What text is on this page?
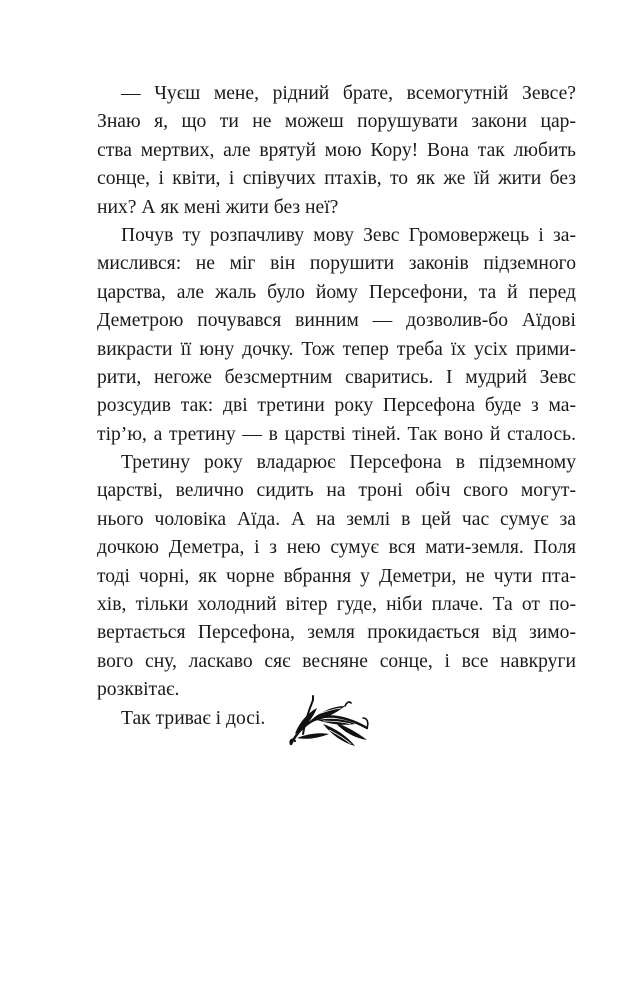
— Чуєш мене, рідний брате, всемогутній Зевсе?
Знаю я, що ти не можеш порушувати закони цар-
ства мертвих, але врятуй мою Кору! Вона так любить
сонце, і квіти, і співучих птахів, то як же їй жити без
них? А як мені жити без неї?
Почув ту розпачливу мову Зевс Громовержець і за-
мислився: не міг він порушити законів підземного
царства, але жаль було йому Персефони, та й перед
Деметрою почувався винним — дозволив-бо Аїдові
викрасти її юну дочку. Тож тепер треба їх усіх прими-
рити, негоже безсмертним сваритись. І мудрий Зевс
розсудив так: дві третини року Персефона буде з ма-
тір’ю, а третину — в царстві тіней. Так воно й сталось.
Третину року владарює Персефона в підземному
царстві, велично сидить на троні обіч свого могут-
нього чоловіка Аїда. А на землі в цей час сумує за
дочкою Деметра, і з нею сумує вся мати-земля. Поля
тоді чорні, як чорне вбрання у Деметри, не чути пта-
хів, тільки холодний вітер гуде, ніби плаче. Та от по-
вертається Персефона, земля прокидається від зимо-
вого сну, ласкаво сяє весняне сонце, і все навкруги
розквітає.
Так триває і досі.
